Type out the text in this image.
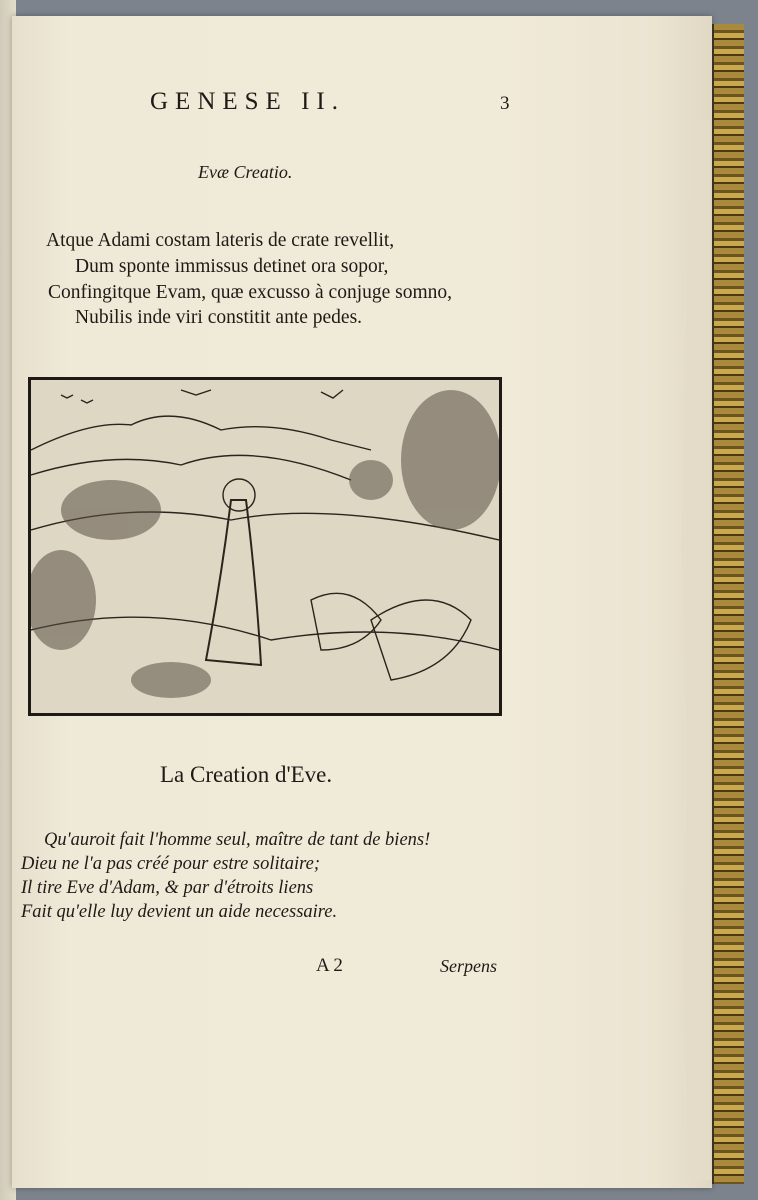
GENESE II.	3
Evæ Creatio.
Atque Adami costam lateris de crate revellit,
Dum sponte immissus detinet ora sopor,
Confingitque Evam, quæ excusso à conjuge somno,
Nubilis inde viri constitit ante pedes.
La Creation d'Eve.
Qu'auroit fait l'homme seul, maître de tant de biens!
Dieu ne l'a pas créé pour estre solitaire;
Il tire Eve d'Adam, & par d'étroits liens
Fait qu'elle luy devient un aide necessaire.
A 2	Serpens
